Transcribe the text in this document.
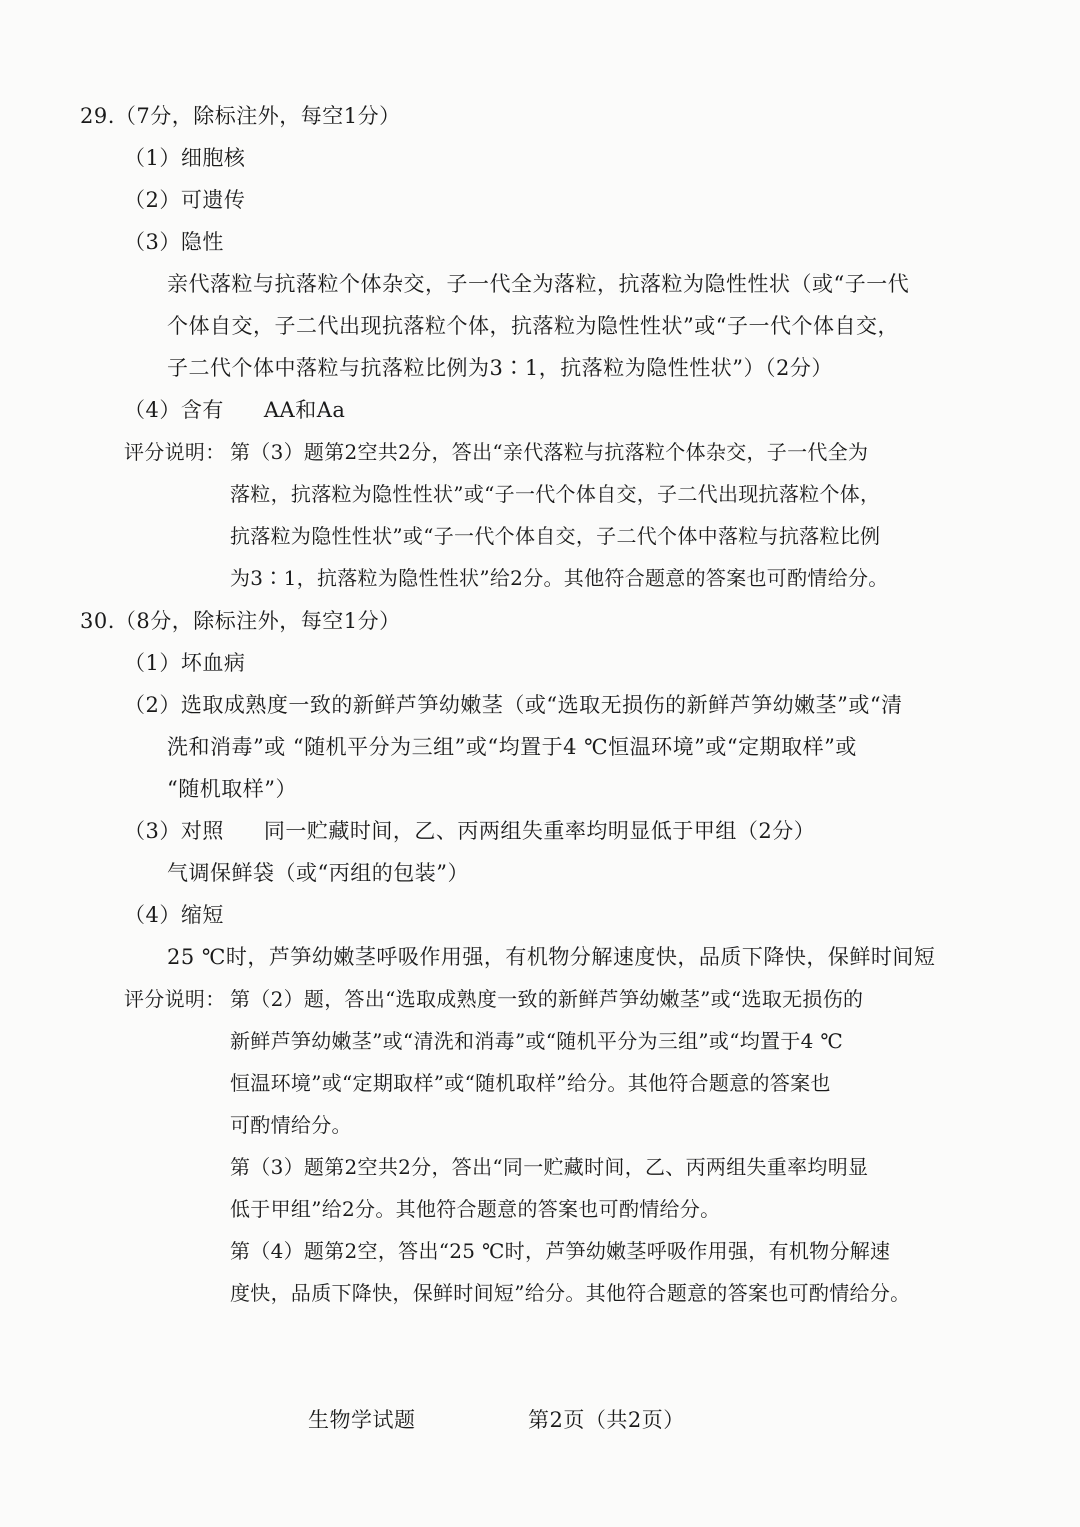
29.（7分，除标注外，每空1分）
（1）细胞核
（2）可遗传
（3）隐性
亲代落粒与抗落粒个体杂交，子一代全为落粒，抗落粒为隐性性状（或“子一代
个体自交，子二代出现抗落粒个体，抗落粒为隐性性状”或“子一代个体自交，
子二代个体中落粒与抗落粒比例为3∶1，抗落粒为隐性性状”）（2分）
（4）含有 AA和Aa
评分说明： 第（3）题第2空共2分，答出“亲代落粒与抗落粒个体杂交，子一代全为
落粒，抗落粒为隐性性状”或“子一代个体自交，子二代出现抗落粒个体，
抗落粒为隐性性状”或“子一代个体自交，子二代个体中落粒与抗落粒比例
为3∶1，抗落粒为隐性性状”给2分。其他符合题意的答案也可酌情给分。
30.（8分，除标注外，每空1分）
（1）坏血病
（2）选取成熟度一致的新鲜芦笋幼嫩茎（或“选取无损伤的新鲜芦笋幼嫩茎”或“清
洗和消毒”或 “随机平分为三组”或“均置于4 ℃恒温环境”或“定期取样”或
“随机取样”）
（3）对照 同一贮藏时间，乙、丙两组失重率均明显低于甲组（2分）
气调保鲜袋（或“丙组的包装”）
（4）缩短
25 ℃时，芦笋幼嫩茎呼吸作用强，有机物分解速度快，品质下降快，保鲜时间短
评分说明： 第（2）题，答出“选取成熟度一致的新鲜芦笋幼嫩茎”或“选取无损伤的
新鲜芦笋幼嫩茎”或“清洗和消毒”或“随机平分为三组”或“均置于4 ℃
恒温环境”或“定期取样”或“随机取样”给分。其他符合题意的答案也
可酌情给分。
第（3）题第2空共2分，答出“同一贮藏时间，乙、丙两组失重率均明显
低于甲组”给2分。其他符合题意的答案也可酌情给分。
第（4）题第2空，答出“25 ℃时，芦笋幼嫩茎呼吸作用强，有机物分解速
度快，品质下降快，保鲜时间短”给分。其他符合题意的答案也可酌情给分。
生物学试题	第2页（共2页）
